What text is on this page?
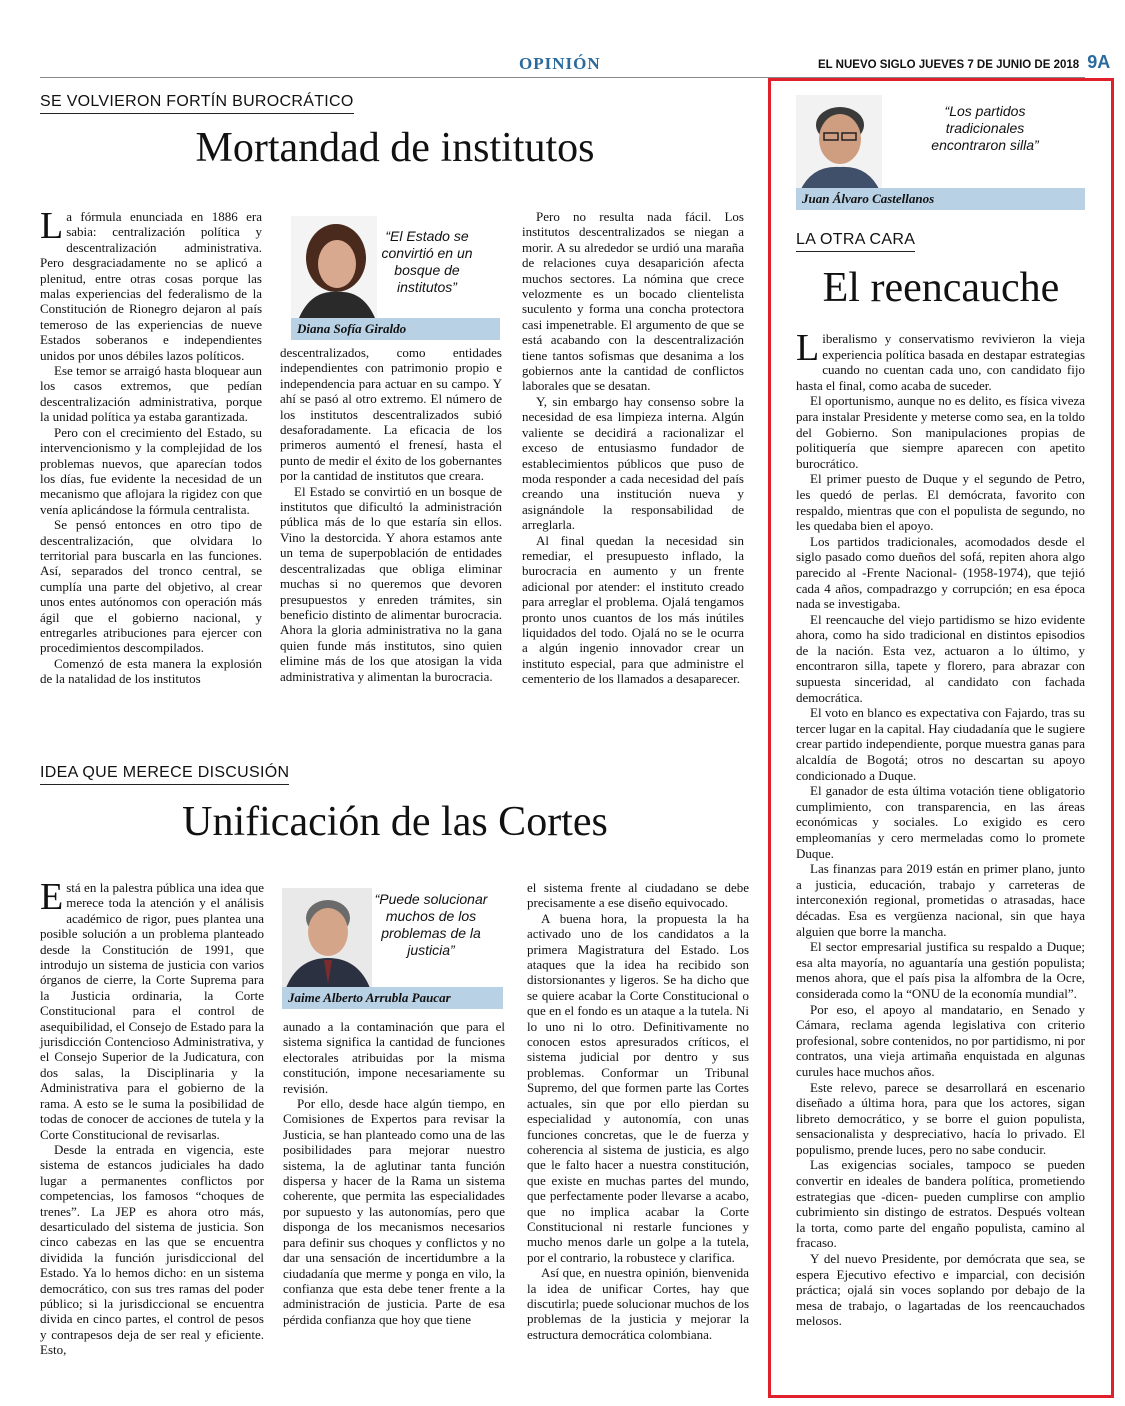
OPINIÓN	EL NUEVO SIGLO JUEVES 7 DE JUNIO DE 2018 9A
SE VOLVIERON FORTÍN BUROCRÁTICO
Mortandad de institutos

La fórmula enunciada en 1886 era sabia: centralización política y descentralización administrativa. Pero desgraciadamente no se aplicó a plenitud, entre otras cosas porque las malas experiencias del federalismo de la Constitución de Rionegro dejaron al país temeroso de las experiencias de nueve Estados soberanos e independientes unidos por unos débiles lazos políticos.

Ese temor se arraigó hasta bloquear aun los casos extremos, que pedían descentralización administrativa, porque la unidad política ya estaba garantizada.

Pero con el crecimiento del Estado, su intervencionismo y la complejidad de los problemas nuevos, que aparecían todos los días, fue evidente la necesidad de un mecanismo que aflojara la rigidez con que venía aplicándose la fórmula centralista.

Se pensó entonces en otro tipo de descentralización, que olvidara lo territorial para buscarla en las funciones. Así, separados del tronco central, se cumplía una parte del objetivo, al crear unos entes autónomos con operación más ágil que el gobierno nacional, y entregarles atribuciones para ejercer con procedimientos descompilados.

Comenzó de esta manera la explosión de la natalidad de los institutos

“El Estado se convirtió en un bosque de institutos”
Diana Sofía Giraldo

descentralizados, como entidades independientes con patrimonio propio e independencia para actuar en su campo. Y ahí se pasó al otro extremo. El número de los institutos descentralizados subió desaforadamente. La eficacia de los primeros aumentó el frenesí, hasta el punto de medir el éxito de los gobernantes por la cantidad de institutos que creara.

El Estado se convirtió en un bosque de institutos que dificultó la administración pública más de lo que estaría sin ellos. Vino la destorcida. Y ahora estamos ante un tema de superpoblación de entidades descentralizadas que obliga eliminar muchas si no queremos que devoren presupuestos y enreden trámites, sin beneficio distinto de alimentar burocracia. Ahora la gloria administrativa no la gana quien funde más institutos, sino quien elimine más de los que atosigan la vida administrativa y alimentan la burocracia.

Pero no resulta nada fácil. Los institutos descentralizados se niegan a morir. A su alrededor se urdió una maraña de relaciones cuya desaparición afecta muchos sectores. La nómina que crece velozmente es un bocado clientelista suculento y forma una concha protectora casi impenetrable. El argumento de que se está acabando con la descentralización tiene tantos sofismas que desanima a los gobiernos ante la cantidad de conflictos laborales que se desatan.

Y, sin embargo hay consenso sobre la necesidad de esa limpieza interna. Algún valiente se decidirá a racionalizar el exceso de entusiasmo fundador de establecimientos públicos que puso de moda responder a cada necesidad del país creando una institución nueva y asignándole la responsabilidad de arreglarla.

Al final quedan la necesidad sin remediar, el presupuesto inflado, la burocracia en aumento y un frente adicional por atender: el instituto creado para arreglar el problema. Ojalá tengamos pronto unos cuantos de los más inútiles liquidados del todo. Ojalá no se le ocurra a algún ingenio innovador crear un instituto especial, para que administre el cementerio de los llamados a desaparecer.

IDEA QUE MERECE DISCUSIÓN
Unificación de las Cortes

Está en la palestra pública una idea que merece toda la atención y el análisis académico de rigor, pues plantea una posible solución a un problema planteado desde la Constitución de 1991, que introdujo un sistema de justicia con varios órganos de cierre, la Corte Suprema para la Justicia ordinaria, la Corte Constitucional para el control de asequibilidad, el Consejo de Estado para la jurisdicción Contencioso Administrativa, y el Consejo Superior de la Judicatura, con dos salas, la Disciplinaria y la Administrativa para el gobierno de la rama. A esto se le suma la posibilidad de todas de conocer de acciones de tutela y la Corte Constitucional de revisarlas.

Desde la entrada en vigencia, este sistema de estancos judiciales ha dado lugar a permanentes conflictos por competencias, los famosos “choques de trenes”. La JEP es ahora otro más, desarticulado del sistema de justicia. Son cinco cabezas en las que se encuentra dividida la función jurisdiccional del Estado. Ya lo hemos dicho: en un sistema democrático, con sus tres ramas del poder público; si la jurisdiccional se encuentra divida en cinco partes, el control de pesos y contrapesos deja de ser real y eficiente. Esto,

“Puede solucionar muchos de los problemas de la justicia”
Jaime Alberto Arrubla Paucar

aunado a la contaminación que para el sistema significa la cantidad de funciones electorales atribuidas por la misma constitución, impone necesariamente su revisión.

Por ello, desde hace algún tiempo, en Comisiones de Expertos para revisar la Justicia, se han planteado como una de las posibilidades para mejorar nuestro sistema, la de aglutinar tanta función dispersa y hacer de la Rama un sistema coherente, que permita las especialidades por supuesto y las autonomías, pero que disponga de los mecanismos necesarios para definir sus choques y conflictos y no dar una sensación de incertidumbre a la ciudadanía que merme y ponga en vilo, la confianza que esta debe tener frente a la administración de justicia. Parte de esa pérdida confianza que hoy que tiene

el sistema frente al ciudadano se debe precisamente a ese diseño equivocado.

A buena hora, la propuesta la ha activado uno de los candidatos a la primera Magistratura del Estado. Los ataques que la idea ha recibido son distorsionantes y ligeros. Se ha dicho que se quiere acabar la Corte Constitucional o que en el fondo es un ataque a la tutela. Ni lo uno ni lo otro. Definitivamente no conocen estos apresurados críticos, el sistema judicial por dentro y sus problemas. Conformar un Tribunal Supremo, del que formen parte las Cortes actuales, sin que por ello pierdan su especialidad y autonomía, con unas funciones concretas, que le de fuerza y coherencia al sistema de justicia, es algo que le falto hacer a nuestra constitución, que existe en muchas partes del mundo, que perfectamente poder llevarse a acabo, que no implica acabar la Corte Constitucional ni restarle funciones y mucho menos darle un golpe a la tutela, por el contrario, la robustece y clarifica.

Así que, en nuestra opinión, bienvenida la idea de unificar Cortes, hay que discutirla; puede solucionar muchos de los problemas de la justicia y mejorar la estructura democrática colombiana.

“Los partidos tradicionales encontraron silla”
Juan Álvaro Castellanos
LA OTRA CARA
El reencauche

Liberalismo y conservatismo revivieron la vieja experiencia política basada en destapar estrategias cuando no cuentan cada uno, con candidato fijo hasta el final, como acaba de suceder.

El oportunismo, aunque no es delito, es física viveza para instalar Presidente y meterse como sea, en la toldo del Gobierno. Son manipulaciones propias de politiquería que siempre aparecen con apetito burocrático.

El primer puesto de Duque y el segundo de Petro, les quedó de perlas. El demócrata, favorito con respaldo, mientras que con el populista de segundo, no les quedaba bien el apoyo.

Los partidos tradicionales, acomodados desde el siglo pasado como dueños del sofá, repiten ahora algo parecido al -Frente Nacional- (1958-1974), que tejió cada 4 años, compadrazgo y corrupción; en esa época nada se investigaba.

El reencauche del viejo partidismo se hizo evidente ahora, como ha sido tradicional en distintos episodios de la nación. Esta vez, actuaron a lo último, y encontraron silla, tapete y florero, para abrazar con supuesta sinceridad, al candidato con fachada democrática.

El voto en blanco es expectativa con Fajardo, tras su tercer lugar en la capital. Hay ciudadanía que le sugiere crear partido independiente, porque muestra ganas para alcaldía de Bogotá; otros no descartan su apoyo condicionado a Duque.

El ganador de esta última votación tiene obligatorio cumplimiento, con transparencia, en las áreas económicas y sociales. Lo exigido es cero empleomanías y cero mermeladas como lo promete Duque.

Las finanzas para 2019 están en primer plano, junto a justicia, educación, trabajo y carreteras de interconexión regional, prometidas o atrasadas, hace décadas. Esa es vergüenza nacional, sin que haya alguien que borre la mancha.

El sector empresarial justifica su respaldo a Duque; esa alta mayoría, no aguantaría una gestión populista; menos ahora, que el país pisa la alfombra de la Ocre, considerada como la “ONU de la economía mundial”.

Por eso, el apoyo al mandatario, en Senado y Cámara, reclama agenda legislativa con criterio profesional, sobre contenidos, no por partidismo, ni por contratos, una vieja artimaña enquistada en algunas curules hace muchos años.

Este relevo, parece se desarrollará en escenario diseñado a última hora, para que los actores, sigan libreto democrático, y se borre el guion populista, sensacionalista y despreciativo, hacía lo privado. El populismo, prende luces, pero no sabe conducir.

Las exigencias sociales, tampoco se pueden convertir en ideales de bandera política, prometiendo estrategias que -dicen- pueden cumplirse con amplio cubrimiento sin distingo de estratos. Después voltean la torta, como parte del engaño populista, camino al fracaso.

Y del nuevo Presidente, por demócrata que sea, se espera Ejecutivo efectivo e imparcial, con decisión práctica; ojalá sin voces soplando por debajo de la mesa de trabajo, o lagartadas de los reencauchados melosos.
